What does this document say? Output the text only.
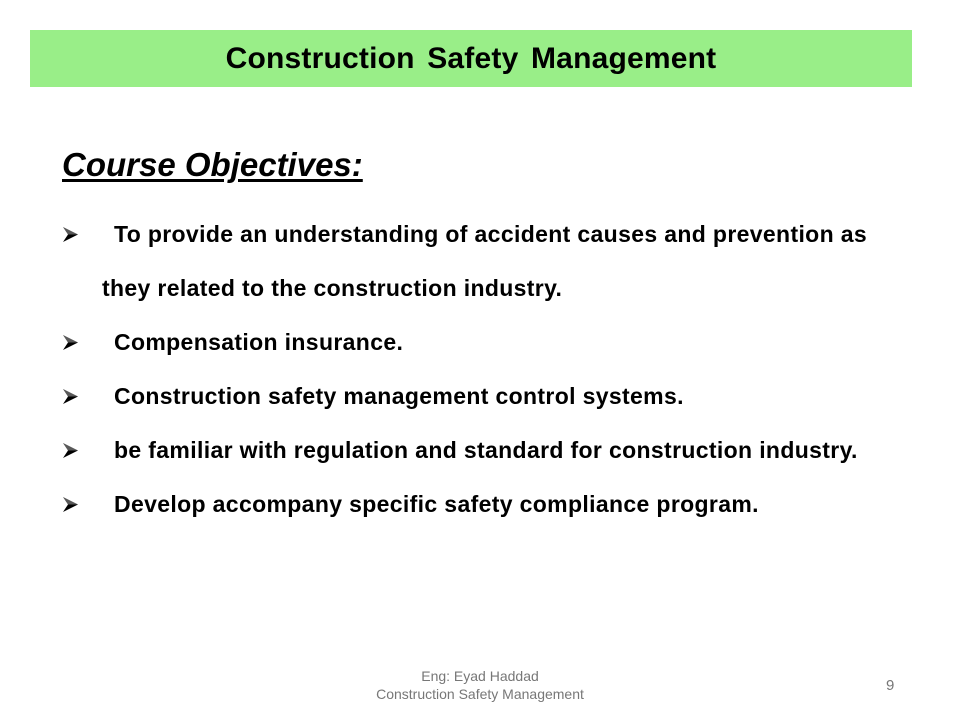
Construction Safety Management
Course Objectives:
To provide an understanding of accident causes and prevention as they related to the construction industry.
Compensation insurance.
Construction safety management control systems.
be familiar with regulation and standard for construction industry.
Develop accompany specific safety compliance program.
Eng: Eyad Haddad
Construction Safety Management	9
